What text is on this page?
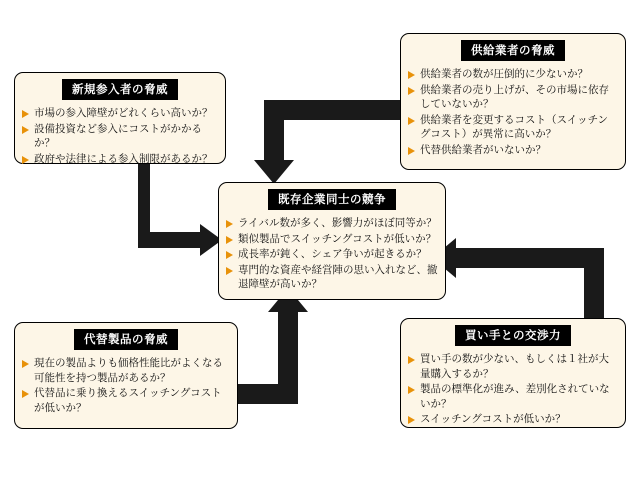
新規参入者の脅威
市場の参入障壁がどれくらい高いか？
設備投資など参入にコストがかかるか？
政府や法律による参入制限があるか？
供給業者の脅威
供給業者の数が圧倒的に少ないか？
供給業者の売り上げが、その市場に依存していないか？
供給業者を変更するコスト（スイッチングコスト）が異常に高いか？
代替供給業者がいないか？
既存企業同士の競争
ライバル数が多く、影響力がほぼ同等か？
類似製品でスイッチングコストが低いか？
成長率が鈍く、シェア争いが起きるか？
専門的な資産や経営陣の思い入れなど、撤退障壁が高いか？
代替製品の脅威
現在の製品よりも価格性能比がよくなる可能性を持つ製品があるか？
代替品に乗り換えるスイッチングコストが低いか？
買い手との交渉力
買い手の数が少ない、もしくは１社が大量購入するか？
製品の標準化が進み、差別化されていないか？
スイッチングコストが低いか？
